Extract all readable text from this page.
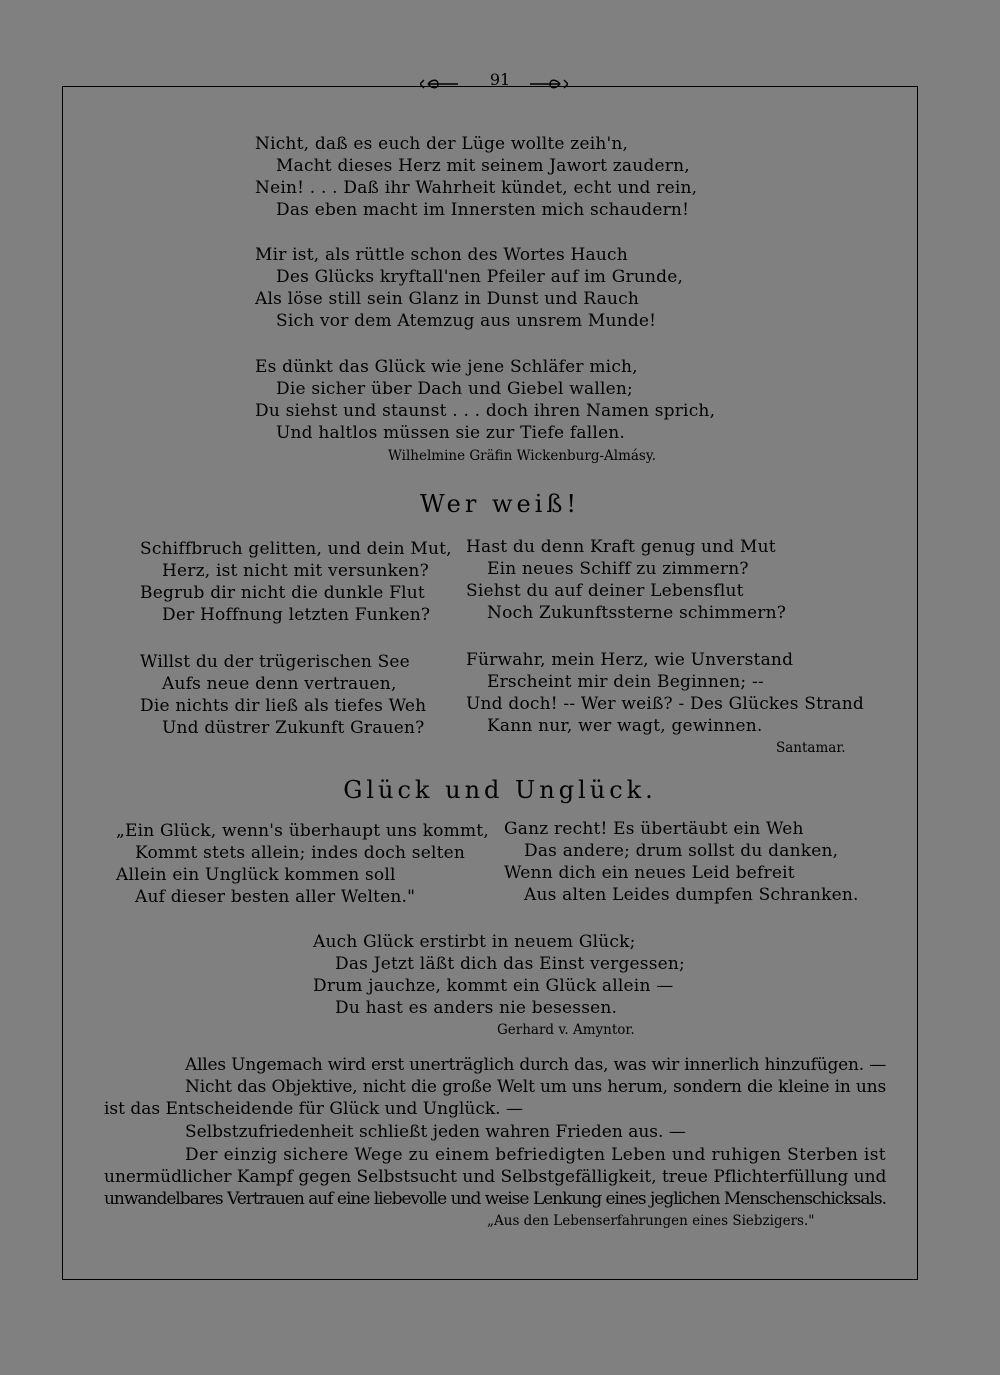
91
Nicht, daß es euch der Lüge wollte zeih'n,
Macht dieses Herz mit seinem Jawort zaudern,
Nein! . . . Daß ihr Wahrheit kündet, echt und rein,
Das eben macht im Innersten mich schaudern!
Mir ist, als rüttle schon des Wortes Hauch
Des Glücks kryftall'nen Pfeiler auf im Grunde,
Als löse still sein Glanz in Dunst und Rauch
Sich vor dem Atemzug aus unsrem Munde!
Es dünkt das Glück wie jene Schläfer mich,
Die sicher über Dach und Giebel wallen;
Du siehst und staunst . . . doch ihren Namen sprich,
Und haltlos müssen sie zur Tiefe fallen.
Wilhelmine Gräfin Wickenburg-Almásy.
Wer weiß!
Schiffbruch gelitten, und dein Mut,
Herz, ist nicht mit versunken?
Begrub dir nicht die dunkle Flut
Der Hoffnung letzten Funken?
Willst du der trügerischen See
Aufs neue denn vertrauen,
Die nichts dir ließ als tiefes Weh
Und düstrer Zukunft Grauen?
Hast du denn Kraft genug und Mut
Ein neues Schiff zu zimmern?
Siehst du auf deiner Lebensflut
Noch Zukunftssterne schimmern?
Fürwahr, mein Herz, wie Unverstand
Erscheint mir dein Beginnen; --
Und doch! -- Wer weiß? - Des Glückes Strand
Kann nur, wer wagt, gewinnen.
Santamar.
Glück und Unglück.
„Ein Glück, wenn's überhaupt uns kommt,
Kommt stets allein; indes doch selten
Allein ein Unglück kommen soll
Auf dieser besten aller Welten."
Ganz recht! Es übertäubt ein Weh
Das andere; drum sollst du danken,
Wenn dich ein neues Leid befreit
Aus alten Leides dumpfen Schranken.
Auch Glück erstirbt in neuem Glück;
Das Jetzt läßt dich das Einst vergessen;
Drum jauchze, kommt ein Glück allein —
Du hast es anders nie besessen.
Gerhard v. Amyntor.
Alles Ungemach wird erst unerträglich durch das, was wir innerlich hinzufügen. —
Nicht das Objektive, nicht die große Welt um uns herum, sondern die kleine in uns
ist das Entscheidende für Glück und Unglück. —
Selbstzufriedenheit schließt jeden wahren Frieden aus. —
Der einzig sichere Wege zu einem befriedigten Leben und ruhigen Sterben ist
unermüdlicher Kampf gegen Selbstsucht und Selbstgefälligkeit, treue Pflichterfüllung und
unwandelbares Vertrauen auf eine liebevolle und weise Lenkung eines jeglichen Menschenschicksals.
„Aus den Lebenserfahrungen eines Siebzigers."
